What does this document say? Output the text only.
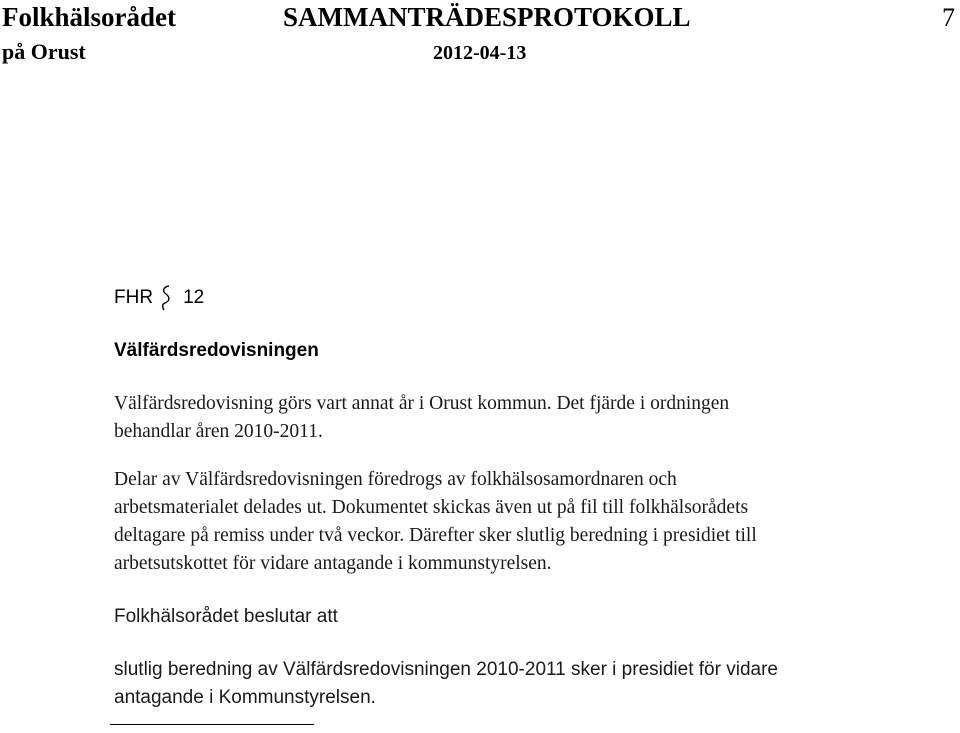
Folkhälsorådet	SAMMANTRÄDESPROTOKOLL	7
på Orust	2012-04-13
FHR 12
Välfärdsredovisningen

Välfärdsredovisning görs vart annat år i Orust kommun. Det fjärde i ordningen

behandlar åren 2010-2011.

Delar av Välfärdsredovisningen föredrogs av folkhälsosamordnaren och

arbetsmaterialet delades ut. Dokumentet skickas även ut på fil till folkhälsorådets

deltagare på remiss under två veckor. Därefter sker slutlig beredning i presidiet till

arbetsutskottet för vidare antagande i kommunstyrelsen.

Folkhälsorådet beslutar att

slutlig beredning av Välfärdsredovisningen 2010-2011 sker i presidiet för vidare

antagande i Kommunstyrelsen.
